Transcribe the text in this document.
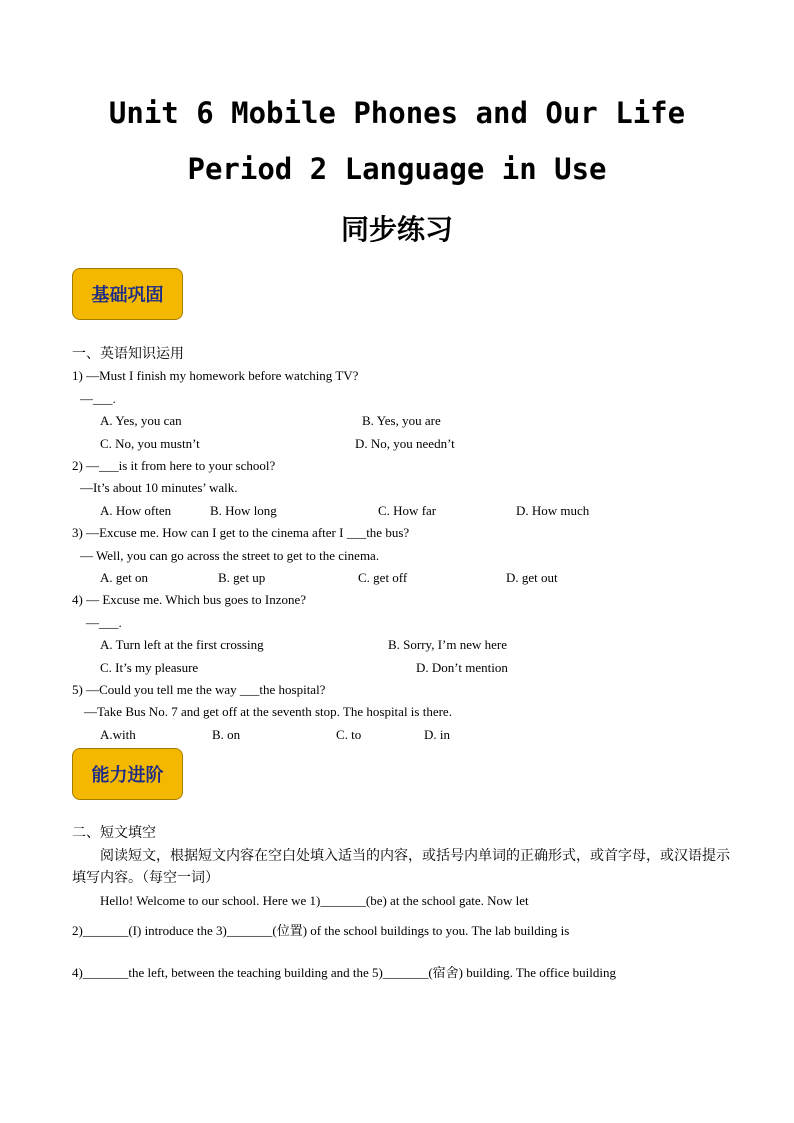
Unit 6 Mobile Phones and Our Life
Period 2 Language in Use
同步练习
基础巩固
一、英语知识运用
1) —Must I finish my homework before watching TV?
—___.
A. Yes, you can	B. Yes, you are
C. No, you mustn’t	D. No, you needn’t
2) —___is it from here to your school?
—It’s about 10 minutes’ walk.
A. How often	B. How long	C. How far	D. How much
3) —Excuse me. How can I get to the cinema after I ___the bus?
— Well, you can go across the street to get to the cinema.
A. get on	B. get up	C. get off	D. get out
4) — Excuse me. Which bus goes to Inzone?
—___.
A. Turn left at the first crossing	B. Sorry, I’m new here
C. It’s my pleasure	D. Don’t mention
5) —Could you tell me the way ___the hospital?
—Take Bus No. 7 and get off at the seventh stop. The hospital is there.
A.with	B. on	C. to	D. in
能力进阶
二、短文填空
阅读短文，根据短文内容在空白处填入适当的内容，或括号内单词的正确形式，或首字母，或汉语提示填写内容。（每空一词）
Hello! Welcome to our school. Here we 1)_______(be) at the school gate. Now let
2)_______(I) introduce the 3)_______(位置) of the school buildings to you. The lab building is
4)_______the left, between the teaching building and the 5)_______(宿舍) building. The office building
